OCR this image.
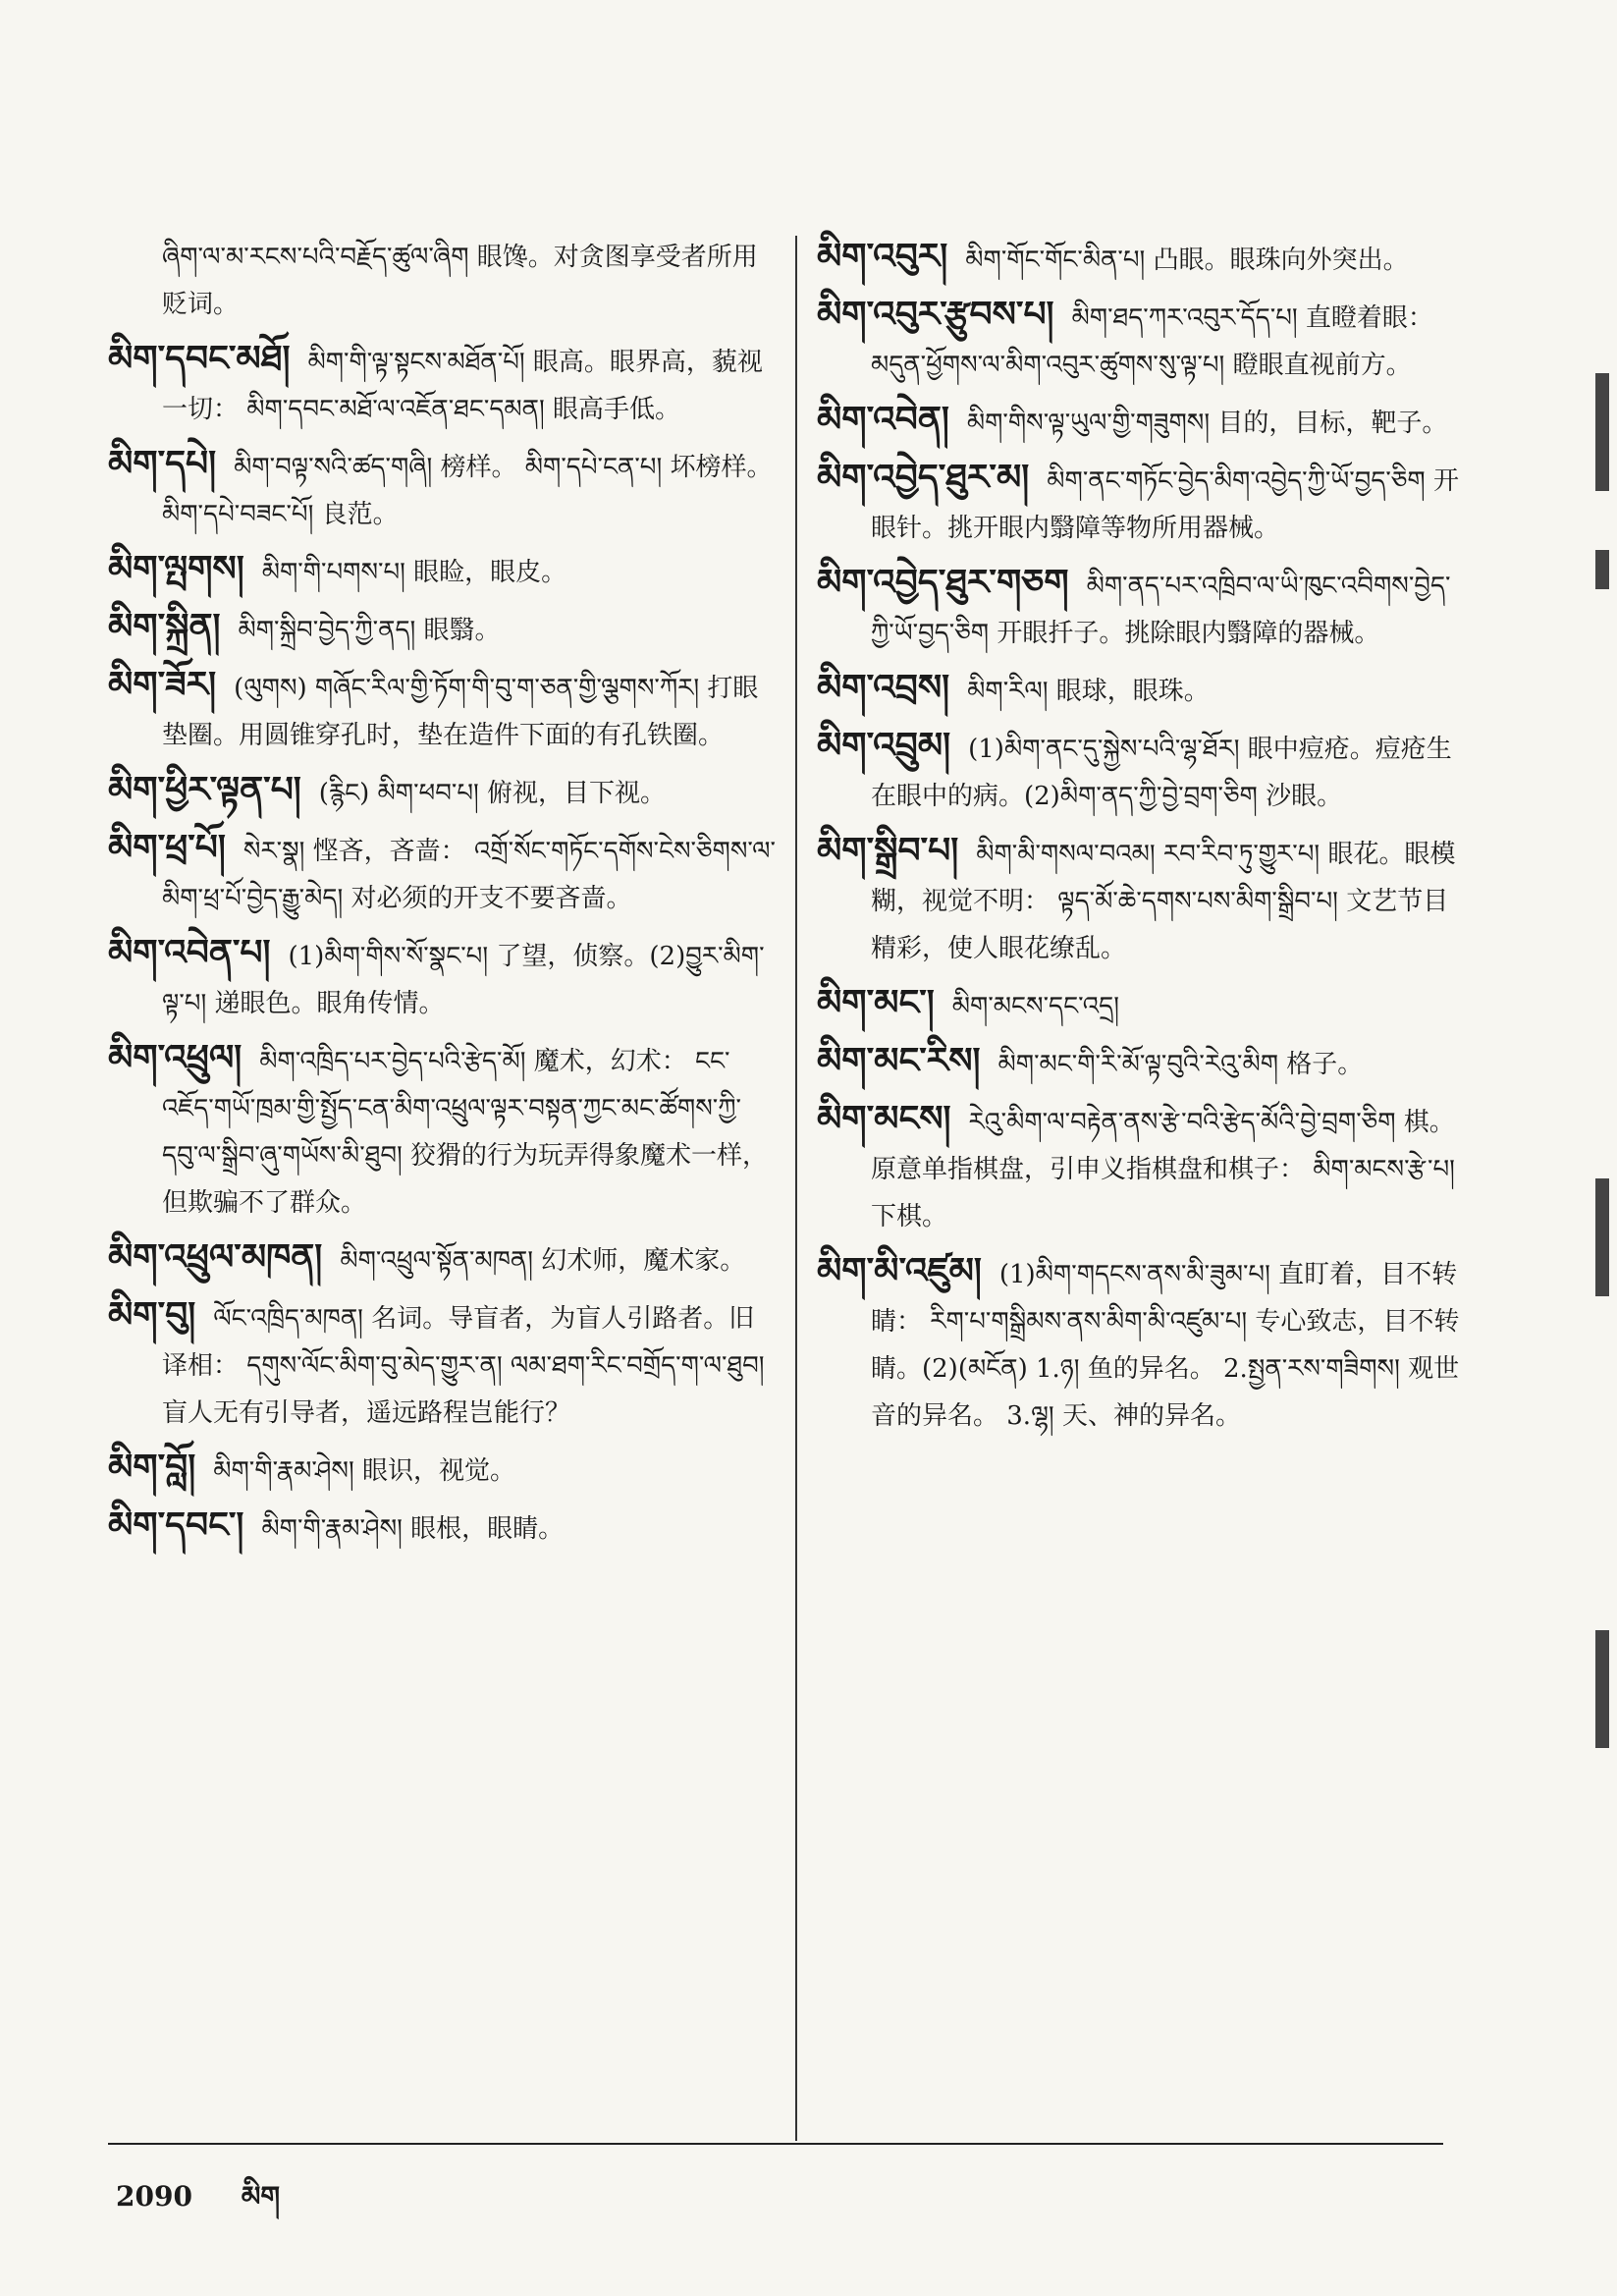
ཞིག་ལ་མ་རངས་པའི་བརྗོད་ཚུལ་ཞིག 眼馋。对贪图享受者所用贬词。
མིག་དབང་མཐོ། མིག་གི་ལྟ་སྟངས་མཐོན་པོ། 眼高。眼界高，藐视一切： མིག་དབང་མཐོ་ལ་འཇོན་ཐང་དམན། 眼高手低。
མིག་དཔེ། མིག་བལྟ་སའི་ཚད་གཞི། 榜样。 མིག་དཔེ་ངན་པ། 坏榜样。 མིག་དཔེ་བཟང་པོ། 良范。
མིག་ལྤགས། མིག་གི་པགས་པ། 眼睑，眼皮。
མིག་སྐྲིན། མིག་སྐྲིབ་བྱེད་ཀྱི་ནད། 眼翳。
མིག་ཟོར། (ལུགས) གཞོང་རིལ་གྱི་ཏོག་གི་བུ་ག་ཅན་གྱི་ལྕགས་ཀོར། 打眼垫圈。用圆锥穿孔时，垫在造件下面的有孔铁圈。
མིག་ཕྱིར་ལྟན་པ། (རྙིང) མིག་ཕབ་པ། 俯视，目下视。
མིག་ཕྲ་པོ། སེར་སྣ། 悭吝，吝啬： འགྲོ་སོང་གཏོང་དགོས་ངེས་ཅིགས་ལ་མིག་ཕྲ་པོ་བྱེད་རྒྱུ་མེད། 对必须的开支不要吝啬。
མིག་འབེན་པ། (1)མིག་གིས་སོ་སྣང་པ། 了望，侦察。(2)བྱུར་མིག་ལྟ་པ། 递眼色。眼角传情。
མིག་འཕྲུལ། མིག་འཁྲིད་པར་བྱེད་པའི་རྩེད་མོ། 魔术，幻术： ངང་འཇོད་གཡོ་ཁྲམ་གྱི་སྤྱོད་ངན་མིག་འཕྲུལ་ལྟར་བསྟན་ཀྱང་མང་ཚོགས་ཀྱི་དབུ་ལ་སྒྲིབ་ཞུ་གཡོས་མི་ཐུབ། 狡猾的行为玩弄得象魔术一样，但欺骗不了群众。
མིག་འཕྲུལ་མཁན། མིག་འཕྲུལ་སྟོན་མཁན། 幻术师，魔术家。
མིག་བུ། ལོང་འཁྲིད་མཁན། 名词。导盲者，为盲人引路者。旧译相： དགུས་ལོང་མིག་བུ་མེད་གྱུར་ན། ལམ་ཐག་རིང་བགྲོད་ག་ལ་ཐུབ། 盲人无有引导者，遥远路程岂能行？
མིག་བློ། མིག་གི་རྣམ་ཤེས། 眼识，视觉。
མིག་དབང་། མིག་གི་རྣམ་ཤེས། 眼根，眼睛。
མིག་འབུར། མིག་གོང་གོང་མིན་པ། 凸眼。眼珠向外突出。
མིག་འབུར་རྩུབས་པ། མིག་ཐད་ཀར་འབུར་དོད་པ། 直瞪着眼： མདུན་ཕྱོགས་ལ་མིག་འབུར་ཚུགས་སུ་ལྟ་པ། 瞪眼直视前方。
མིག་འབེན། མིག་གིས་ལྟ་ཡུལ་གྱི་གཟུགས། 目的，目标，靶子。
མིག་འབྱེད་ཐུར་མ། མིག་ནང་གཏོང་བྱེད་མིག་འབྱེད་ཀྱི་ཡོ་བྱད་ཅིག 开眼针。挑开眼内翳障等物所用器械。
མིག་འབྱེད་ཐུར་གཅག མིག་ནད་པར་འཁྲིབ་ལ་ཡི་ཁུང་འབིགས་བྱེད་ཀྱི་ཡོ་བྱད་ཅིག 开眼扦子。挑除眼内翳障的器械。
མིག་འབྲས། མིག་རིལ། 眼球，眼珠。
མིག་འབྲུམ། (1)མིག་ནང་དུ་སྐྱེས་པའི་ལྷ་ཐོར། 眼中痘疮。痘疮生在眼中的病。(2)མིག་ནད་ཀྱི་བྱེ་བྲག་ཅིག 沙眼。
མིག་སྒྲིབ་པ། མིག་མི་གསལ་བའམ། རབ་རིབ་ཏུ་གྱུར་པ། 眼花。眼模糊，视觉不明： ལྟད་མོ་ཆེ་དགས་པས་མིག་སྒྲིབ་པ། 文艺节目精彩，使人眼花缭乱。
མིག་མང་། མིག་མངས་དང་འདྲ།
མིག་མང་རིས། མིག་མང་གི་རི་མོ་ལྟ་བུའི་རེའུ་མིག 格子。
མིག་མངས། རེའུ་མིག་ལ་བརྟེན་ནས་རྩེ་བའི་རྩེད་མོའི་བྱེ་བྲག་ཅིག 棋。原意单指棋盘，引申义指棋盘和棋子： མིག་མངས་རྩེ་པ། 下棋。
མིག་མི་འཛུམ། (1)མིག་གདངས་ནས་མི་ཟུམ་པ། 直盯着，目不转睛： རིག་པ་གསྒྲིམས་ནས་མིག་མི་འཛུམ་པ། 专心致志，目不转睛。(2)(མངོན) 1.ཉ། 鱼的异名。 2.སྤྱན་རས་གཟིགས། 观世音的异名。 3.ལྷ། 天、神的异名。
2090 མིག
